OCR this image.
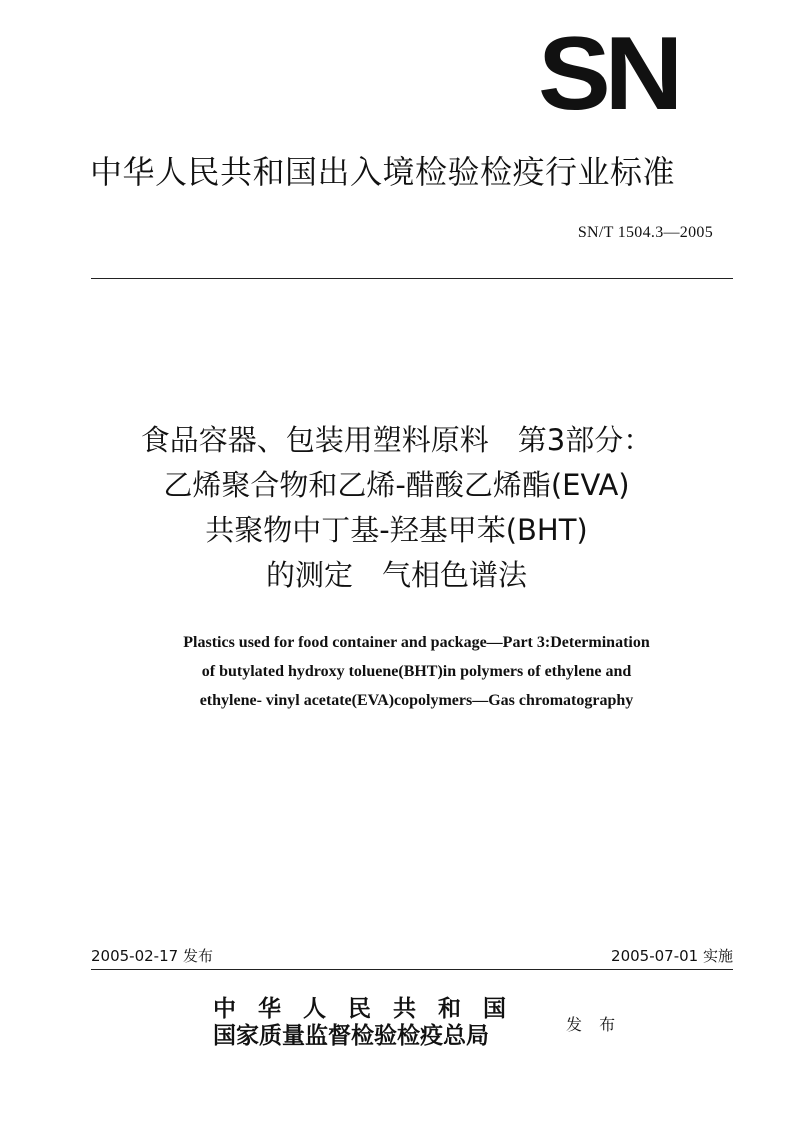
SN
中华人民共和国出入境检验检疫行业标准
SN/T 1504.3—2005
食品容器、包装用塑料原料　第3部分：
乙烯聚合物和乙烯-醋酸乙烯酯(EVA)
共聚物中丁基-羟基甲苯(BHT)
的测定　气相色谱法
Plastics used for food container and package—Part 3:Determination
of butylated hydroxy toluene(BHT)in polymers of ethylene and
ethylene- vinyl acetate(EVA)copolymers—Gas chromatography
2005-02-17 发布	2005-07-01 实施
中华人民共和国
国家质量监督检验检疫总局	发 布
